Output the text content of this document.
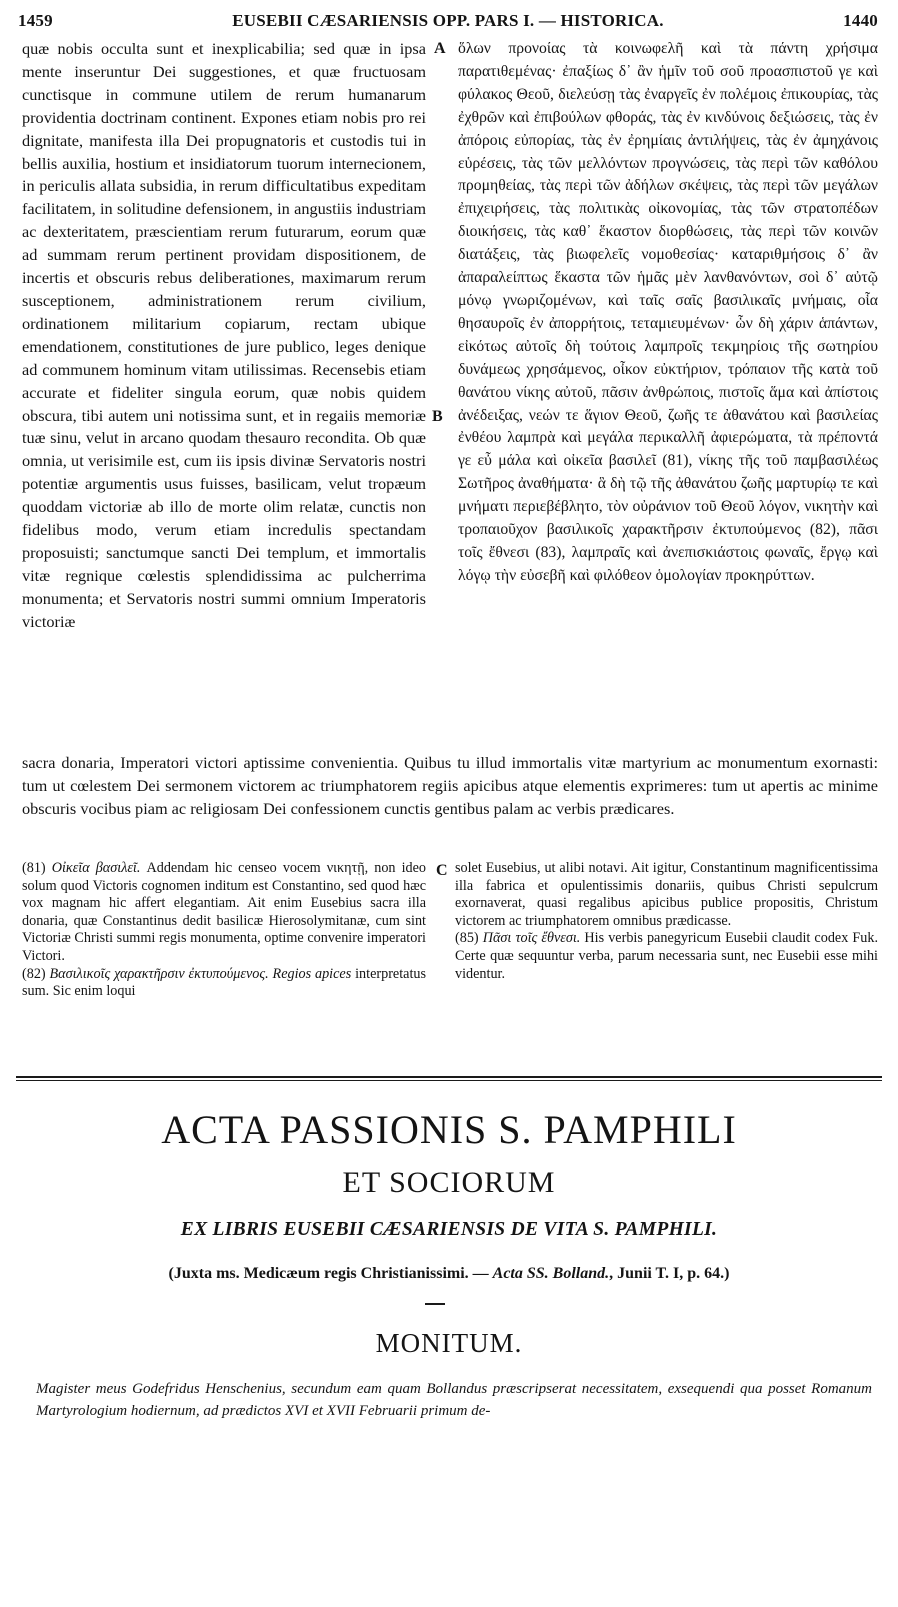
1459	EUSEBII CÆSARIENSIS OPP. PARS I. — HISTORICA.	1440

quæ nobis occulta sunt et inexplicabilia; sed quæ in ipsa mente inseruntur Dei suggestiones, et quæ fructuosam cunctisque in commune utilem de rerum humanarum providentia doctrinam continent. Expones etiam nobis pro rei dignitate, manifesta illa Dei propugnatoris et custodis tui in bellis auxilia, hostium et insidiatorum tuorum internecionem, in periculis allata subsidia, in rerum difficultatibus expeditam facilitatem, in solitudine defensionem, in angustiis industriam ac dexteritatem, præscientiam rerum futurarum, eorum quæ ad summam rerum pertinent providam dispositionem, de incertis et obscuris rebus deliberationes, maximarum rerum susceptionem, administrationem rerum civilium, ordinationem militarium copiarum, rectam ubique emendationem, constitutiones de jure publico, leges denique ad communem hominum vitam utilissimas. Recensebis etiam accurate et fideliter singula eorum, quæ nobis quidem obscura, tibi autem uni notissima sunt, et in regaiis memoriæ tuæ sinu, velut in arcano quodam thesauro recondita. Ob quæ omnia, ut verisimile est, cum iis ipsis divinæ Servatoris nostri potentiæ argumentis usus fuisses, basilicam, velut tropæum quoddam victoriæ ab illo de morte olim relatæ, cunctis non fidelibus modo, verum etiam incredulis spectandam proposuisti; sanctumque sancti Dei templum, et immortalis vitæ regnique cœlestis splendidissima ac pulcherrima monumenta; et Servatoris nostri summi omnium Imperatoris victoriæ

A
B

ὅλων προνοίας τὰ κοινωφελῆ καὶ τὰ πάντη χρήσιμα παρατιθεμένας· ἐπαξίως δ᾽ ἂν ἡμῖν τοῦ σοῦ προασπιστοῦ γε καὶ φύλακος Θεοῦ, διελεύσῃ τὰς ἐναργεῖς ἐν πολέμοις ἐπικουρίας, τὰς ἐχθρῶν καὶ ἐπιβούλων φθοράς, τὰς ἐν κινδύνοις δεξιώσεις, τὰς ἐν ἀπόροις εὐπορίας, τὰς ἐν ἐρημίαις ἀντιλήψεις, τὰς ἐν ἀμηχάνοις εὑρέσεις, τὰς τῶν μελλόντων προγνώσεις, τὰς περὶ τῶν καθόλου προμηθείας, τὰς περὶ τῶν ἀδήλων σκέψεις, τὰς περὶ τῶν μεγάλων ἐπιχειρήσεις, τὰς πολιτικὰς οἰκονομίας, τὰς τῶν στρατοπέδων διοικήσεις, τὰς καθ᾽ ἕκαστον διορθώσεις, τὰς περὶ τῶν κοινῶν διατάξεις, τὰς βιωφελεῖς νομοθεσίας· καταριθμήσοις δ᾽ ἂν ἀπαραλείπτως ἕκαστα τῶν ἡμᾶς μὲν λανθανόντων, σοὶ δ᾽ αὐτῷ μόνῳ γνωριζομένων, καὶ ταῖς σαῖς βασιλικαῖς μνήμαις, οἷα θησαυροῖς ἐν ἀπορρήτοις, τεταμιευμένων· ὧν δὴ χάριν ἁπάντων, εἰκότως αὐτοῖς δὴ τούτοις λαμπροῖς τεκμηρίοις τῆς σωτηρίου δυνάμεως χρησάμενος, οἶκον εὐκτήριον, τρόπαιον τῆς κατὰ τοῦ θανάτου νίκης αὐτοῦ, πᾶσιν ἀνθρώποις, πιστοῖς ἅμα καὶ ἀπίστοις ἀνέδειξας, νεών τε ἅγιον Θεοῦ, ζωῆς τε ἀθανάτου καὶ βασιλείας ἐνθέου λαμπρὰ καὶ μεγάλα περικαλλῆ ἀφιερώματα, τὰ πρέποντά γε εὖ μάλα καὶ οἰκεῖα βασιλεῖ (81), νίκης τῆς τοῦ παμβασιλέως Σωτῆρος ἀναθήματα· ἃ δὴ τῷ τῆς ἀθανάτου ζωῆς μαρτυρίῳ τε καὶ μνήματι περιεβέβλητο, τὸν οὐράνιον τοῦ Θεοῦ λόγον, νικητὴν καὶ τροπαιοῦχον βασιλικοῖς χαρακτῆρσιν ἐκτυπούμενος (82), πᾶσι τοῖς ἔθνεσι (83), λαμπραῖς καὶ ἀνεπισκιάστοις φωναῖς, ἔργῳ καὶ λόγῳ τὴν εὐσεβῆ καὶ φιλόθεον ὁμολογίαν προκηρύττων.

sacra donaria, Imperatori victori aptissime convenientia. Quibus tu illud immortalis vitæ martyrium ac monumentum exornasti: tum ut cœlestem Dei sermonem victorem ac triumphatorem regiis apicibus atque elementis exprimeres: tum ut apertis ac minime obscuris vocibus piam ac religiosam Dei confessionem cunctis gentibus palam ac verbis prædicares.
C

(81) Οἰκεῖα βασιλεῖ. Addendam hic censeo vocem νικητῇ, non ideo solum quod Victoris cognomen inditum est Constantino, sed quod hæc vox magnam hic affert elegantiam. Ait enim Eusebius sacra illa donaria, quæ Constantinus dedit basilicæ Hierosolymitanæ, cum sint Victoriæ Christi summi regis monumenta, optime convenire imperatori Victori.

(82) Βασιλικοῖς χαρακτῆρσιν ἐκτυπούμενος. Regios apices interpretatus sum. Sic enim loqui

solet Eusebius, ut alibi notavi. Ait igitur, Constantinum magnificentissima illa fabrica et opulentissimis donariis, quibus Christi sepulcrum exornaverat, quasi regalibus apicibus publice propositis, Christum victorem ac triumphatorem omnibus prædicasse.

(85) Πᾶσι τοῖς ἔθνεσι. His verbis panegyricum Eusebii claudit codex Fuk. Certe quæ sequuntur verba, parum necessaria sunt, nec Eusebii esse mihi videntur.

ACTA PASSIONIS S. PAMPHILI
ET SOCIORUM
EX LIBRIS EUSEBII CÆSARIENSIS DE VITA S. PAMPHILI.
(Juxta ms. Medicæum regis Christianissimi. — Acta SS. Bolland., Junii T. I, p. 64.)
MONITUM.
Magister meus Godefridus Henschenius, secundum eam quam Bollandus præscripserat necessitatem, exsequendi qua posset Romanum Martyrologium hodiernum, ad prædictos XVI et XVII Februarii primum de-
